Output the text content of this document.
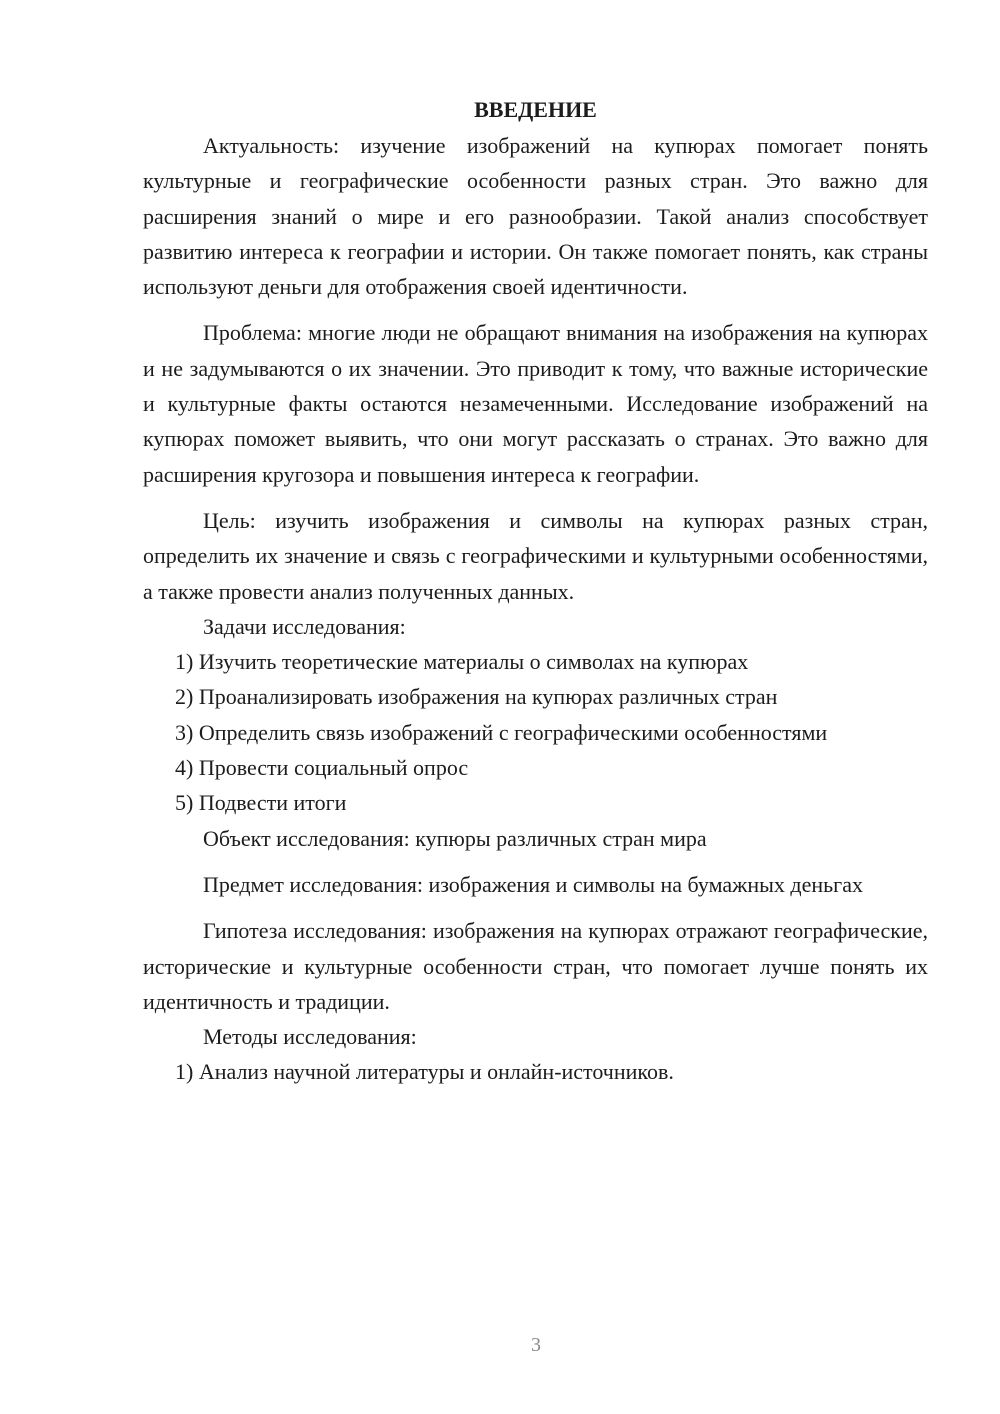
ВВЕДЕНИЕ

Актуальность: изучение изображений на купюрах помогает понять культурные и географические особенности разных стран. Это важно для расширения знаний о мире и его разнообразии. Такой анализ способствует развитию интереса к географии и истории. Он также помогает понять, как страны используют деньги для отображения своей идентичности.

Проблема: многие люди не обращают внимания на изображения на купюрах и не задумываются о их значении. Это приводит к тому, что важные исторические и культурные факты остаются незамеченными. Исследование изображений на купюрах поможет выявить, что они могут рассказать о странах. Это важно для расширения кругозора и повышения интереса к географии.

Цель: изучить изображения и символы на купюрах разных стран, определить их значение и связь с географическими и культурными особенностями, а также провести анализ полученных данных.

Задачи исследования:

1) Изучить теоретические материалы о символах на купюрах

2) Проанализировать изображения на купюрах различных стран

3) Определить связь изображений с географическими особенностями

4) Провести социальный опрос

5) Подвести итоги

Объект исследования: купюры различных стран мира

Предмет исследования: изображения и символы на бумажных деньгах

Гипотеза исследования: изображения на купюрах отражают географические, исторические и культурные особенности стран, что помогает лучше понять их идентичность и традиции.

Методы исследования:

1) Анализ научной литературы и онлайн-источников.

3
